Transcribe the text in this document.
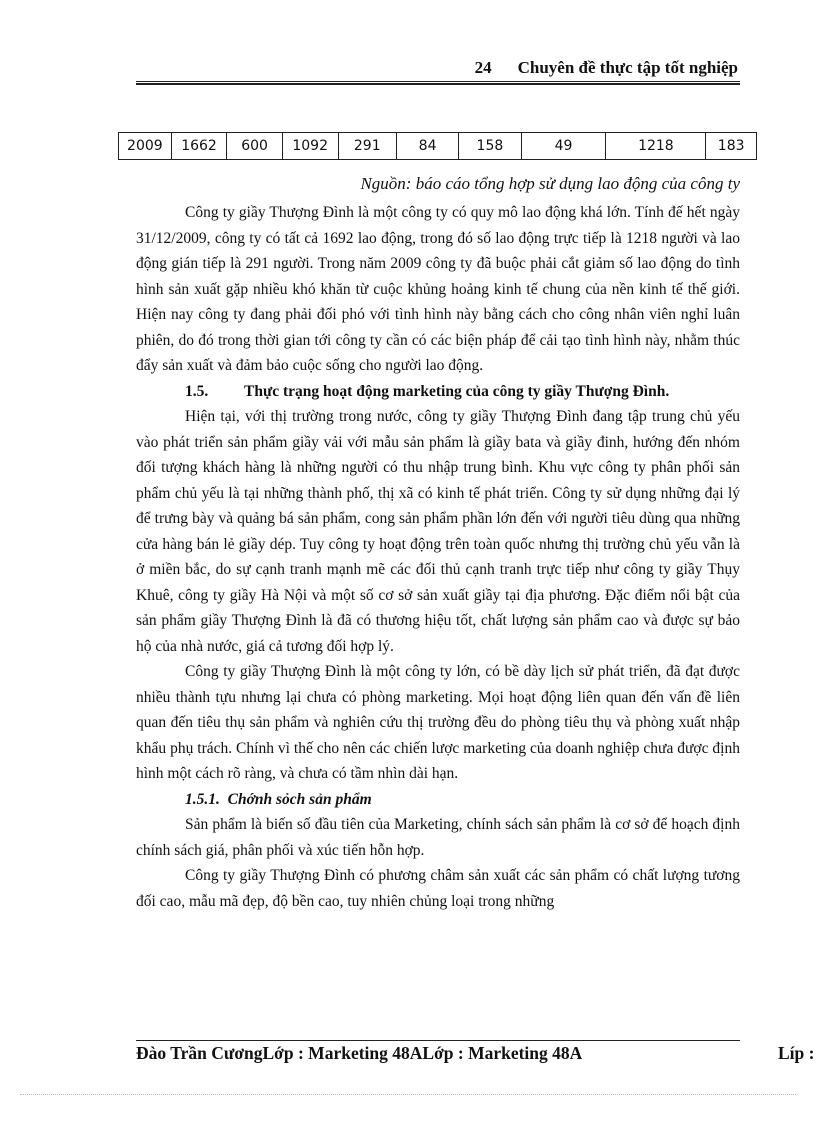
24 Chuyên đề thực tập tốt nghiệp
2009	1662	600	1092	291	84	158	49	1218	183
Nguồn: báo cáo tổng hợp sử dụng lao động của công ty

Công ty giầy Thượng Đình là một công ty có quy mô lao động khá lớn. Tính đế hết ngày 31/12/2009, công ty có tất cả 1692 lao động, trong đó số lao động trực tiếp là 1218 người và lao động gián tiếp là 291 người. Trong năm 2009 công ty đã buộc phải cắt giảm số lao động do tình hình sản xuất gặp nhiều khó khăn từ cuộc khủng hoảng kinh tế chung của nền kinh tế thế giới. Hiện nay công ty đang phải đối phó với tình hình này bằng cách cho công nhân viên nghỉ luân phiên, do đó trong thời gian tới công ty cần có các biện pháp để cải tạo tình hình này, nhằm thúc đẩy sản xuất và đảm bảo cuộc sống cho người lao động.

1.5. Thực trạng hoạt động marketing của công ty giầy Thượng Đình.

Hiện tại, với thị trường trong nước, công ty giầy Thượng Đình đang tập trung chủ yếu vào phát triển sản phẩm giầy vải với mẫu sản phẩm là giầy bata và giầy đinh, hướng đến nhóm đối tượng khách hàng là những người có thu nhập trung bình. Khu vực công ty phân phối sản phẩm chủ yếu là tại những thành phố, thị xã có kinh tế phát triển. Công ty sử dụng những đại lý để trưng bày và quảng bá sản phẩm, cong sản phẩm phần lớn đến với người tiêu dùng qua những cửa hàng bán lẻ giầy dép. Tuy công ty hoạt động trên toàn quốc nhưng thị trường chủ yếu vẫn là ở miền bắc, do sự cạnh tranh mạnh mẽ các đối thủ cạnh tranh trực tiếp như công ty giầy Thụy Khuê, công ty giầy Hà Nội và một số cơ sở sản xuất giầy tại địa phương. Đặc điểm nổi bật của sản phẩm giầy Thượng Đình là đã có thương hiệu tốt, chất lượng sản phẩm cao và được sự bảo hộ của nhà nước, giá cả tương đối hợp lý.

Công ty giầy Thượng Đình là một công ty lớn, có bề dày lịch sử phát triển, đã đạt được nhiều thành tựu nhưng lại chưa có phòng marketing. Mọi hoạt động liên quan đến vấn đề liên quan đến tiêu thụ sản phẩm và nghiên cứu thị trường đều do phòng tiêu thụ và phòng xuất nhập khẩu phụ trách. Chính vì thế cho nên các chiến lược marketing của doanh nghiệp chưa được định hình một cách rõ ràng, và chưa có tầm nhìn dài hạn.

1.5.1. Chớnh sỏch sản phẩm

Sản phẩm là biến số đầu tiên của Marketing, chính sách sản phẩm là cơ sở để hoạch định chính sách giá, phân phối và xúc tiến hỗn hợp.

Công ty giầy Thượng Đình có phương châm sản xuất các sản phẩm có chất lượng tương đối cao, mẫu mã đẹp, độ bền cao, tuy nhiên chủng loại trong những

Đào Trần CươngLớp : Marketing 48ALớp : Marketing 48A	Líp :
